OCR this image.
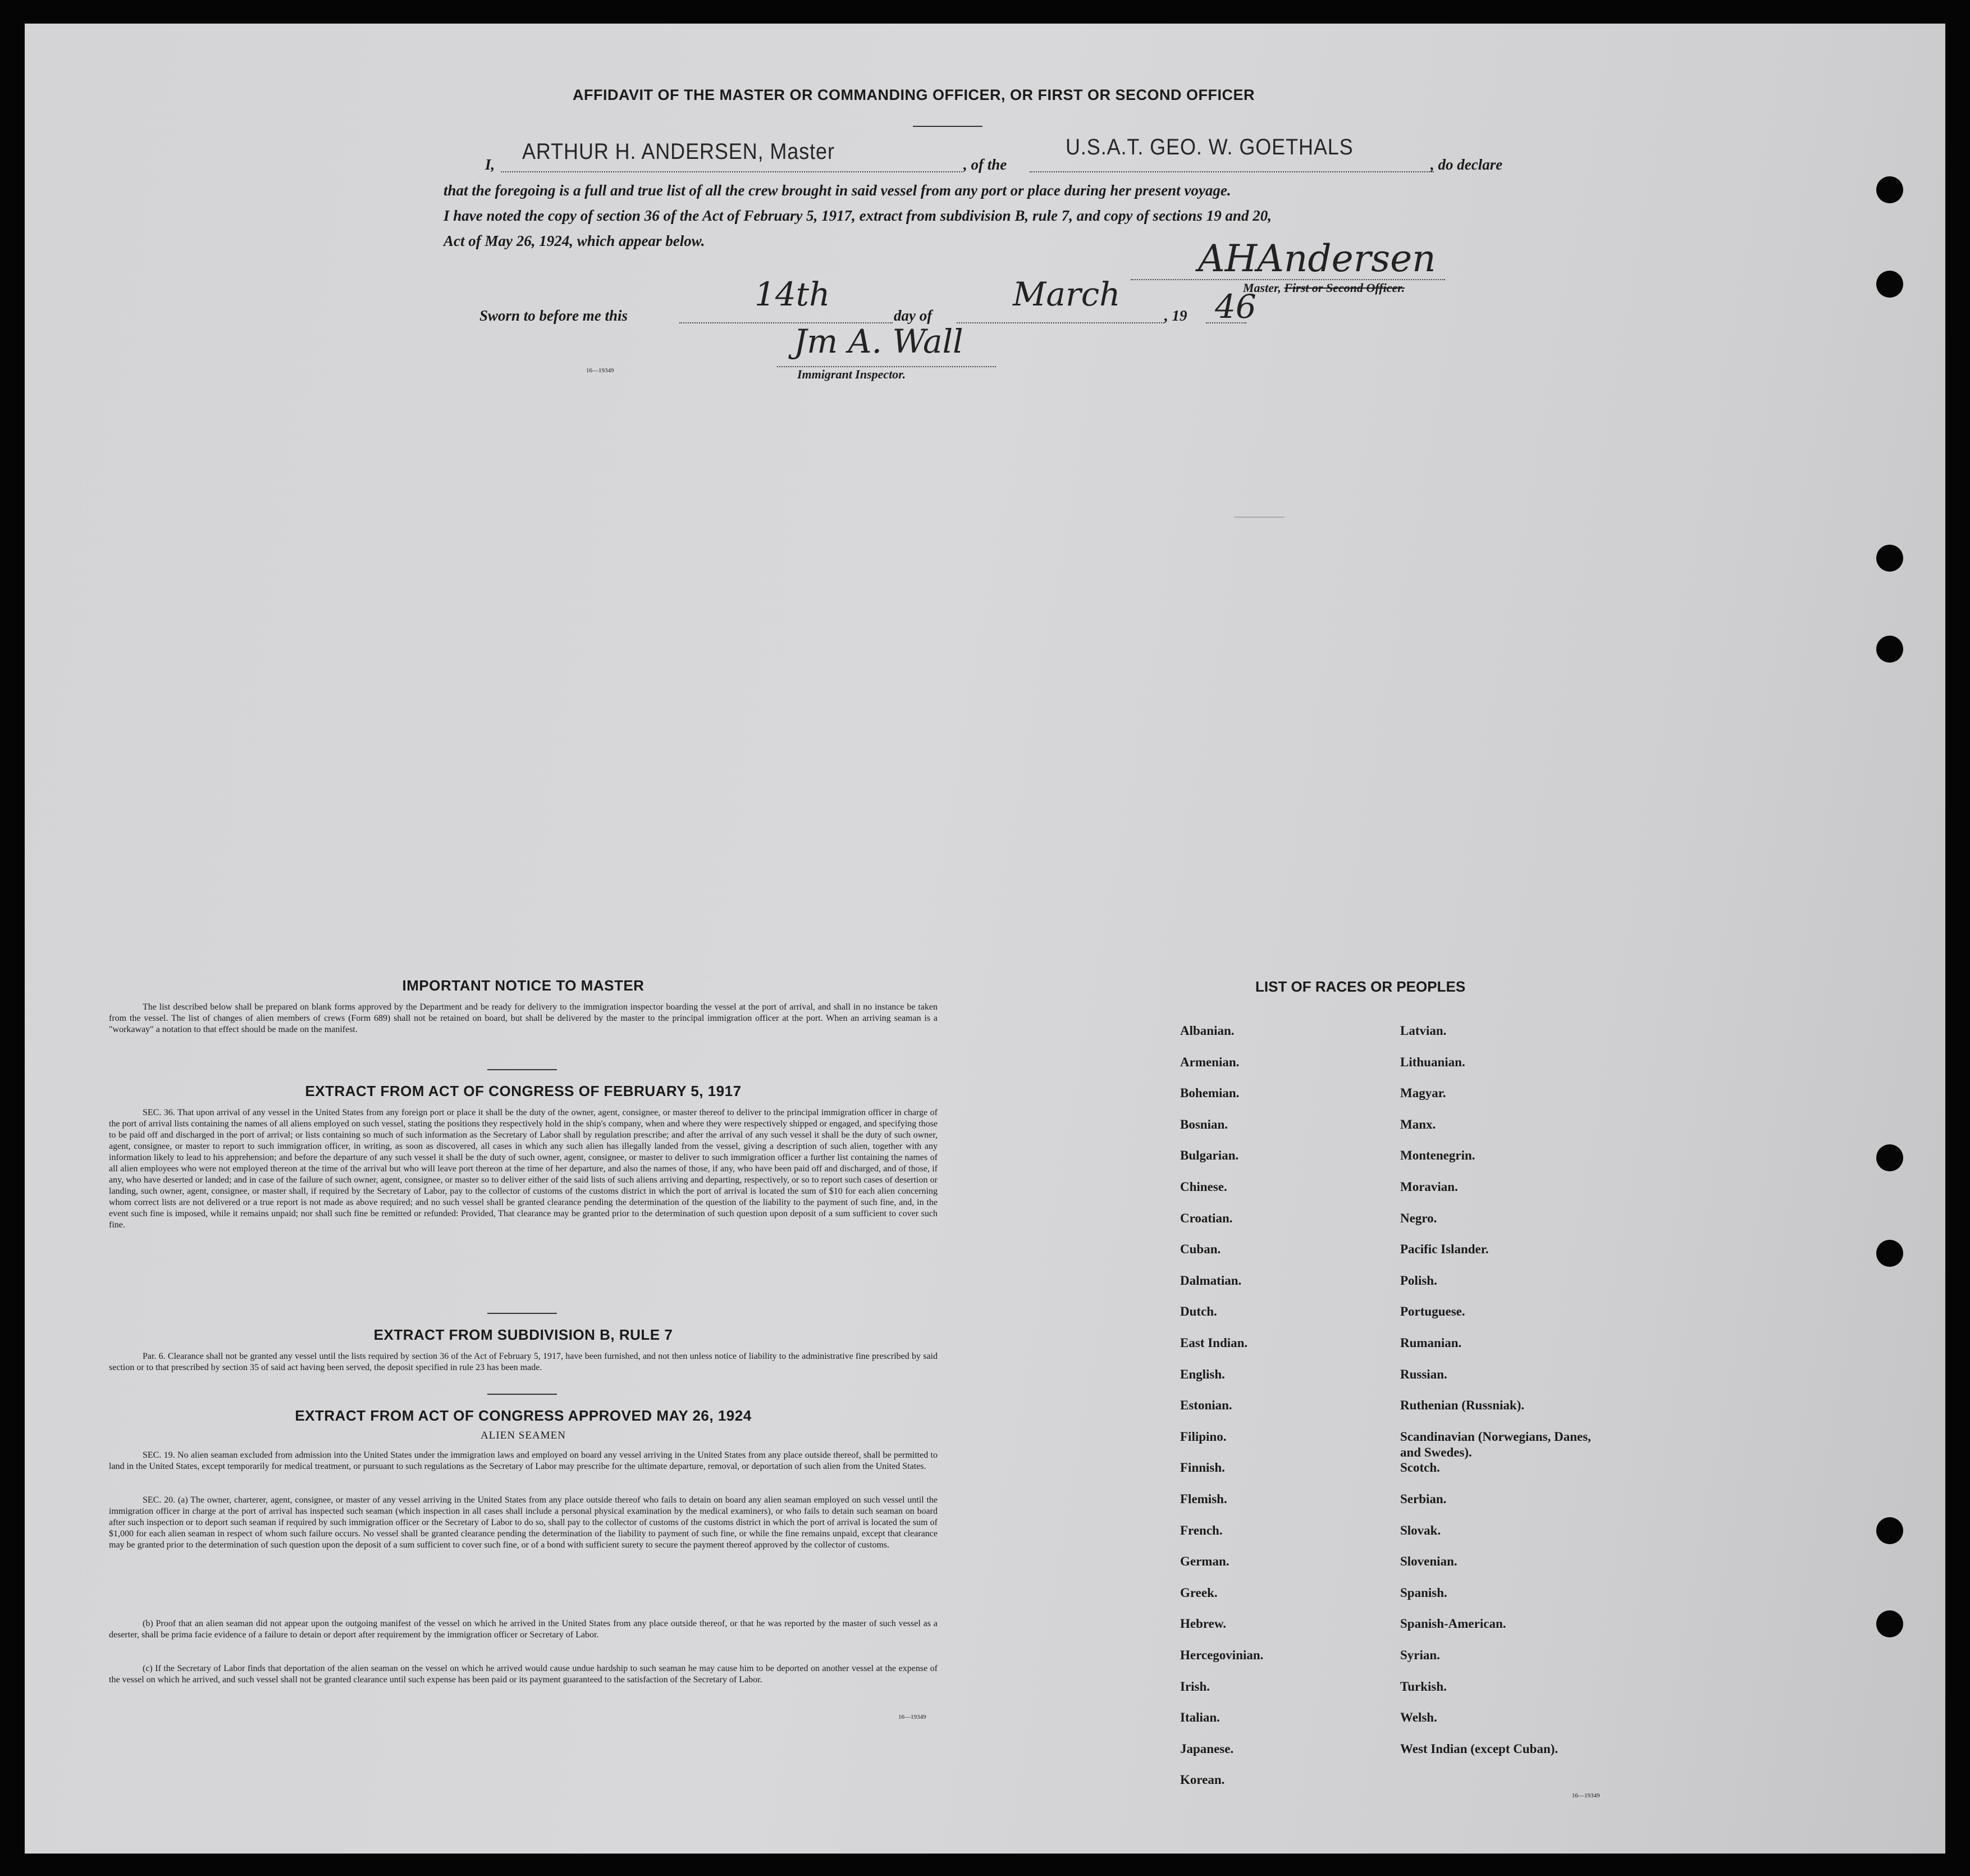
AFFIDAVIT OF THE MASTER OR COMMANDING OFFICER, OR FIRST OR SECOND OFFICER
I,
ARTHUR H. ANDERSEN, Master
, of the
U.S.A.T. GEO. W. GOETHALS
, do declare
that the foregoing is a full and true list of all the crew brought in said vessel from any port or place during her present voyage.
I have noted the copy of section 36 of the Act of February 5, 1917, extract from subdivision B, rule 7, and copy of sections 19 and 20,
Act of May 26, 1924, which appear below.	AHAndersen
Master, First or Second Officer.
Sworn to before me this
14th
day of
March
, 19 46
Jm A. Wall
Immigrant Inspector.
16—19349
IMPORTANT NOTICE TO MASTER
The list described below shall be prepared on blank forms approved by the Department and be ready for delivery to the immigration inspector boarding the vessel at the port of arrival, and shall in no instance be taken from the vessel. The list of changes of alien members of crews (Form 689) shall not be retained on board, but shall be delivered by the master to the principal immigration officer at the port. When an arriving seaman is a "workaway" a notation to that effect should be made on the manifest.
EXTRACT FROM ACT OF CONGRESS OF FEBRUARY 5, 1917
SEC. 36. That upon arrival of any vessel in the United States from any foreign port or place it shall be the duty of the owner, agent, consignee, or master thereof to deliver to the principal immigration officer in charge of the port of arrival lists containing the names of all aliens employed on such vessel, stating the positions they respectively hold in the ship's company, when and where they were respectively shipped or engaged, and specifying those to be paid off and discharged in the port of arrival; or lists containing so much of such information as the Secretary of Labor shall by regulation prescribe; and after the arrival of any such vessel it shall be the duty of such owner, agent, consignee, or master to report to such immigration officer, in writing, as soon as discovered, all cases in which any such alien has illegally landed from the vessel, giving a description of such alien, together with any information likely to lead to his apprehension; and before the departure of any such vessel it shall be the duty of such owner, agent, consignee, or master to deliver to such immigration officer a further list containing the names of all alien employees who were not employed thereon at the time of the arrival but who will leave port thereon at the time of her departure, and also the names of those, if any, who have been paid off and discharged, and of those, if any, who have deserted or landed; and in case of the failure of such owner, agent, consignee, or master so to deliver either of the said lists of such aliens arriving and departing, respectively, or so to report such cases of desertion or landing, such owner, agent, consignee, or master shall, if required by the Secretary of Labor, pay to the collector of customs of the customs district in which the port of arrival is located the sum of $10 for each alien concerning whom correct lists are not delivered or a true report is not made as above required; and no such vessel shall be granted clearance pending the determination of the question of the liability to the payment of such fine, and, in the event such fine is imposed, while it remains unpaid; nor shall such fine be remitted or refunded: Provided, That clearance may be granted prior to the determination of such question upon deposit of a sum sufficient to cover such fine.
EXTRACT FROM SUBDIVISION B, RULE 7
Par. 6. Clearance shall not be granted any vessel until the lists required by section 36 of the Act of February 5, 1917, have been furnished, and not then unless notice of liability to the administrative fine prescribed by said section or to that prescribed by section 35 of said act having been served, the deposit specified in rule 23 has been made.
EXTRACT FROM ACT OF CONGRESS APPROVED MAY 26, 1924
ALIEN SEAMEN
SEC. 19. No alien seaman excluded from admission into the United States under the immigration laws and employed on board any vessel arriving in the United States from any place outside thereof, shall be permitted to land in the United States, except temporarily for medical treatment, or pursuant to such regulations as the Secretary of Labor may prescribe for the ultimate departure, removal, or deportation of such alien from the United States.
SEC. 20. (a) The owner, charterer, agent, consignee, or master of any vessel arriving in the United States from any place outside thereof who fails to detain on board any alien seaman employed on such vessel until the immigration officer in charge at the port of arrival has inspected such seaman (which inspection in all cases shall include a personal physical examination by the medical examiners), or who fails to detain such seaman on board after such inspection or to deport such seaman if required by such immigration officer or the Secretary of Labor to do so, shall pay to the collector of customs of the customs district in which the port of arrival is located the sum of $1,000 for each alien seaman in respect of whom such failure occurs. No vessel shall be granted clearance pending the determination of the liability to payment of such fine, or while the fine remains unpaid, except that clearance may be granted prior to the determination of such question upon the deposit of a sum sufficient to cover such fine, or of a bond with sufficient surety to secure the payment thereof approved by the collector of customs.
(b) Proof that an alien seaman did not appear upon the outgoing manifest of the vessel on which he arrived in the United States from any place outside thereof, or that he was reported by the master of such vessel as a deserter, shall be prima facie evidence of a failure to detain or deport after requirement by the immigration officer or Secretary of Labor.
(c) If the Secretary of Labor finds that deportation of the alien seaman on the vessel on which he arrived would cause undue hardship to such seaman he may cause him to be deported on another vessel at the expense of the vessel on which he arrived, and such vessel shall not be granted clearance until such expense has been paid or its payment guaranteed to the satisfaction of the Secretary of Labor.
16—19349
LIST OF RACES OR PEOPLES
Albanian.
Armenian.
Bohemian.
Bosnian.
Bulgarian.
Chinese.
Croatian.
Cuban.
Dalmatian.
Dutch.
East Indian.
English.
Estonian.
Filipino.
Finnish.
Flemish.
French.
German.
Greek.
Hebrew.
Hercegovinian.
Irish.
Italian.
Japanese.
Korean.
Latvian.
Lithuanian.
Magyar.
Manx.
Montenegrin.
Moravian.
Negro.
Pacific Islander.
Polish.
Portuguese.
Rumanian.
Russian.
Ruthenian (Russniak).
Scandinavian (Norwegians, Danes, and Swedes).
Scotch.
Serbian.
Slovak.
Slovenian.
Spanish.
Spanish-American.
Syrian.
Turkish.
Welsh.
West Indian (except Cuban).
16—19349
